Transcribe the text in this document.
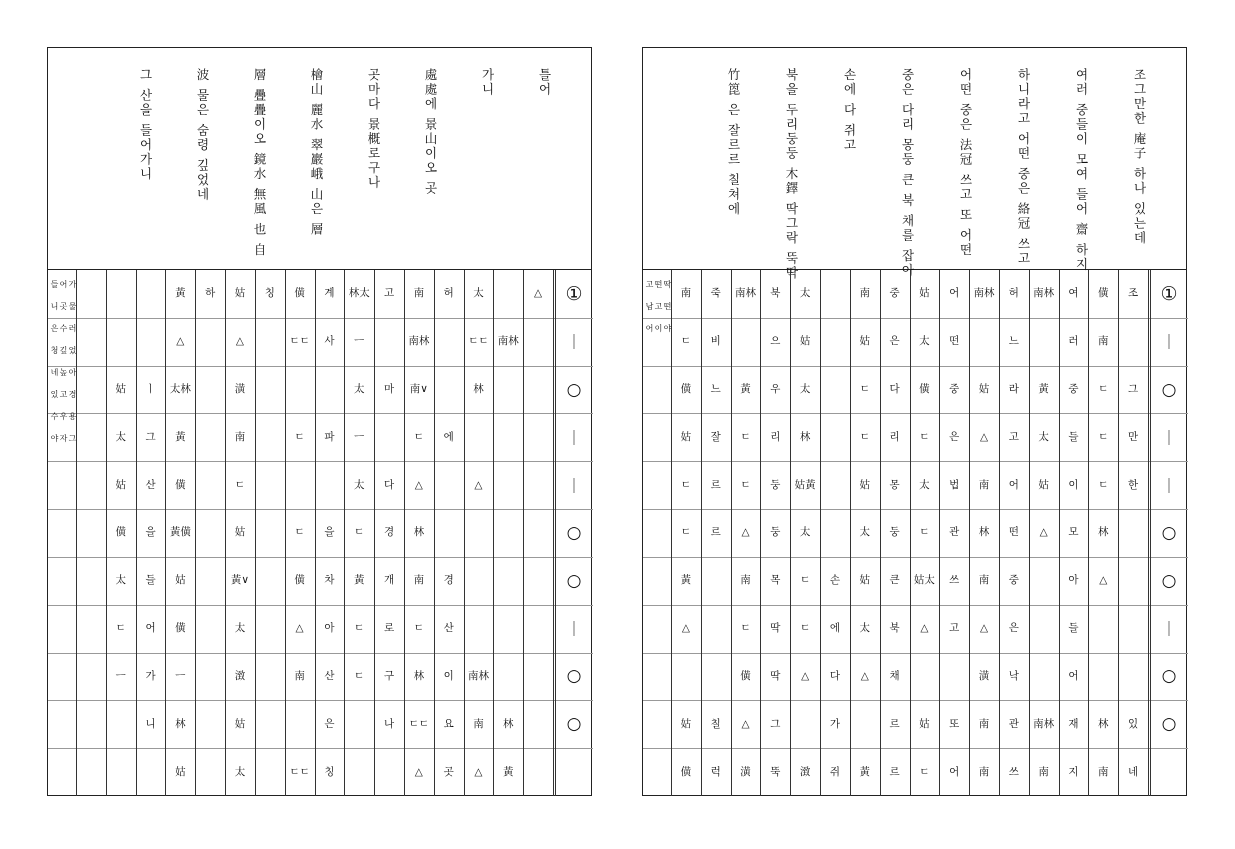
틀어
가니
處處에 景山이오 곳
곳마다 景概로구나
檜山 麗水 翠巖峨 山은 層
層 疊疊이오 鏡水 無風 也 自
波 물은 숨령 깊었네
그 산을 들어가니
△
南林
林
黃
太
ㄷㄷ
林
△
南林
南
△
허
에
경
산
이
요
곳
南
南林
南∨
ㄷ
△
林
南
ㄷ
林
ㄷㄷ
△
고
마
다
경
개
로
구
나
林太
ㅡ
太
ㅡ
太
ㄷ
黃
ㄷ
ㄷ
계
사
파
을
차
아
산
은
칭
僙
ㄷㄷ
ㄷ
ㄷ
僙
△
南
ㄷㄷ
칭
姑
△
潢
南
ㄷ
姑
黃∨
太
㴛
姑
太
하
黃
△
太林
黃
僙
黃僙
姑
僙
ㅡ
林
姑
ㅣ
그
산
을
들
어
가
니
姑
太
姑
僙
太
ㄷ
ㅡ
①
｜
○
｜
｜
○
○
｜
○
○
들 어 가
니 곳 물
은 수 러
청 깊 었
네 높 아
있 고 경
수 우 용
야 자 그
조그만한 庵子 하나 있는데
여러 중들이 모여 들어 齋 하지
하니라고 어떤 중은 絡冠 쓰고
어떤 중은 法冠 쓰고 또 어떤
중은 다리 몽둥 큰 북 채를 잡아
손에 다 쥐고
북을 두리둥둥 木鐸 딱그락 뚝딱
竹箆 은 잘르르 칠쳐에
조
그
만
한
있
네
僙
南
ㄷ
ㄷ
ㄷ
林
△
林
南
여
러
중
들
이
모
아
들
어
재
지
南林
黃
太
姑
△
南林
南
허
느
라
고
어
떤
중
은
낙
관
쓰
南林
姑
△
南
林
南
△
潢
南
南
어
떤
중
은
법
관
쓰
고
또
어
姑
太
僙
ㄷ
太
ㄷ
姑太
△
姑
ㄷ
중
은
다
리
몽
둥
큰
북
채
르
르
南
姑
ㄷ
ㄷ
姑
太
姑
太
△
黃
손
에
다
가
쥐
太
姑
太
林
姑黃
太
ㄷ
ㄷ
△
㴛
북
으
우
리
둥
둥
목
딱
딱
그
뚝
南林
黃
ㄷ
ㄷ
△
南
ㄷ
僙
△
潢
죽
비
느
잘
르
르
칠
럭
南
ㄷ
僙
姑
ㄷ
ㄷ
黃
△
姑
僙
①
｜
○
｜
｜
○
○
｜
○
○
고 떤 딱
남 고 떤
어 이 야
